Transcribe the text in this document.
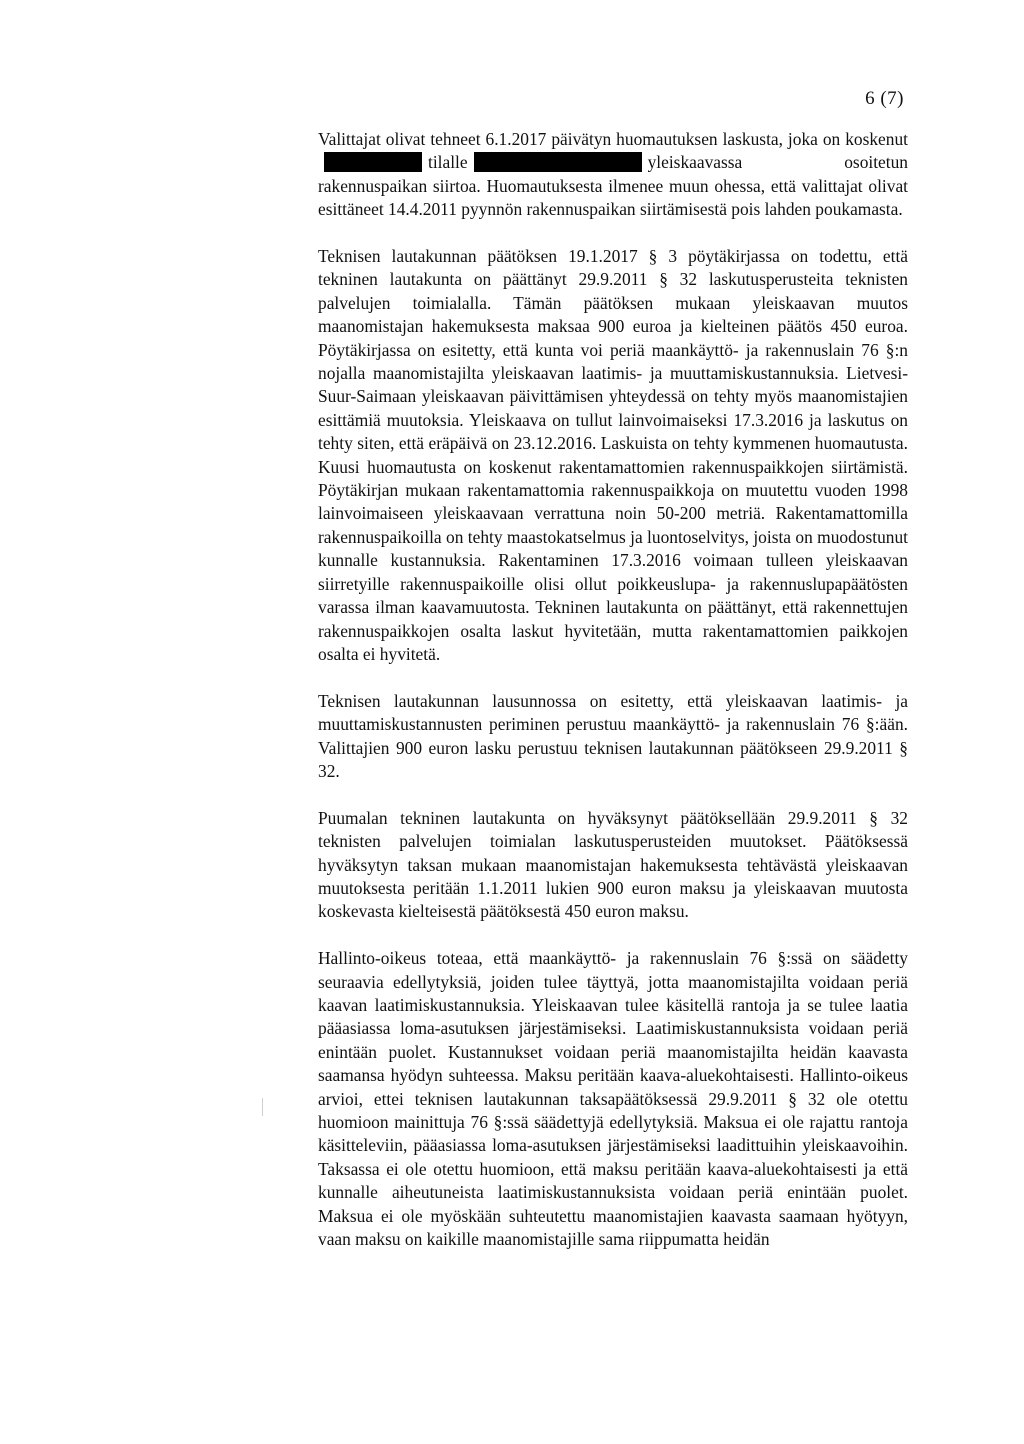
6 (7)

Valittajat olivat tehneet 6.1.2017 päivätyn huomautuksen laskusta, joka on koskenuttilalle	yleiskaavassa osoitetun rakennuspaikan siirtoa. Huomautuksesta ilmenee muun ohessa, että valittajat olivat esittäneet 14.4.2011 pyynnön rakennuspaikan siirtämisestä pois lahden poukamasta.

Teknisen lautakunnan päätöksen 19.1.2017 § 3 pöytäkirjassa on todettu, että tekninen lautakunta on päättänyt 29.9.2011 § 32 laskutusperusteita teknisten palvelujen toimialalla. Tämän päätöksen mukaan yleiskaavan muutos maanomistajan hakemuksesta maksaa 900 euroa ja kielteinen päätös 450 euroa. Pöytäkirjassa on esitetty, että kunta voi periä maankäyttö- ja rakennuslain 76 §:n nojalla maanomistajilta yleiskaavan laatimis- ja muuttamiskustannuksia. Lietvesi-Suur-Saimaan yleiskaavan päivittämisen yhteydessä on tehty myös maanomistajien esittämiä muutoksia. Yleiskaava on tullut lainvoimaiseksi 17.3.2016 ja laskutus on tehty siten, että eräpäivä on 23.12.2016. Laskuista on tehty kymmenen huomautusta. Kuusi huomautusta on koskenut rakentamattomien rakennuspaikkojen siirtämistä. Pöytäkirjan mukaan rakentamattomia rakennuspaikkoja on muutettu vuoden 1998 lainvoimaiseen yleiskaavaan verrattuna noin 50-200 metriä. Rakentamattomilla rakennuspaikoilla on tehty maastokatselmus ja luontoselvitys, joista on muodostunut kunnalle kustannuksia. Rakentaminen 17.3.2016 voimaan tulleen yleiskaavan siirretyille rakennuspaikoille olisi ollut poikkeuslupa- ja rakennuslupapäätösten varassa ilman kaavamuutosta. Tekninen lautakunta on päättänyt, että rakennettujen rakennuspaikkojen osalta laskut hyvitetään, mutta rakentamattomien paikkojen osalta ei hyvitetä.

Teknisen lautakunnan lausunnossa on esitetty, että yleiskaavan laatimis- ja muuttamiskustannusten periminen perustuu maankäyttö- ja rakennuslain 76 §:ään. Valittajien 900 euron lasku perustuu teknisen lautakunnan päätökseen 29.9.2011 § 32.

Puumalan tekninen lautakunta on hyväksynyt päätöksellään 29.9.2011 § 32 teknisten palvelujen toimialan laskutusperusteiden muutokset. Päätöksessä hyväksytyn taksan mukaan maanomistajan hakemuksesta tehtävästä yleiskaavan muutoksesta peritään 1.1.2011 lukien 900 euron maksu ja yleiskaavan muutosta koskevasta kielteisestä päätöksestä 450 euron maksu.

Hallinto-oikeus toteaa, että maankäyttö- ja rakennuslain 76 §:ssä on säädetty seuraavia edellytyksiä, joiden tulee täyttyä, jotta maanomistajilta voidaan periä kaavan laatimiskustannuksia. Yleiskaavan tulee käsitellä rantoja ja se tulee laatia pääasiassa loma-asutuksen järjestämiseksi. Laatimiskustannuksista voidaan periä enintään puolet. Kustannukset voidaan periä maanomistajilta heidän kaavasta saamansa hyödyn suhteessa. Maksu peritään kaava-aluekohtaisesti. Hallinto-oikeus arvioi, ettei teknisen lautakunnan taksapäätöksessä 29.9.2011 § 32 ole otettu huomioon mainittuja 76 §:ssä säädettyjä edellytyksiä. Maksua ei ole rajattu rantoja käsitteleviin, pääasiassa loma-asutuksen järjestämiseksi laadittuihin yleiskaavoihin. Taksassa ei ole otettu huomioon, että maksu peritään kaava-aluekohtaisesti ja että kunnalle aiheutuneista laatimiskustannuksista voidaan periä enintään puolet. Maksua ei ole myöskään suhteutettu maanomistajien kaavasta saamaan hyötyyn, vaan maksu on kaikille maanomistajille sama riippumatta heidän
